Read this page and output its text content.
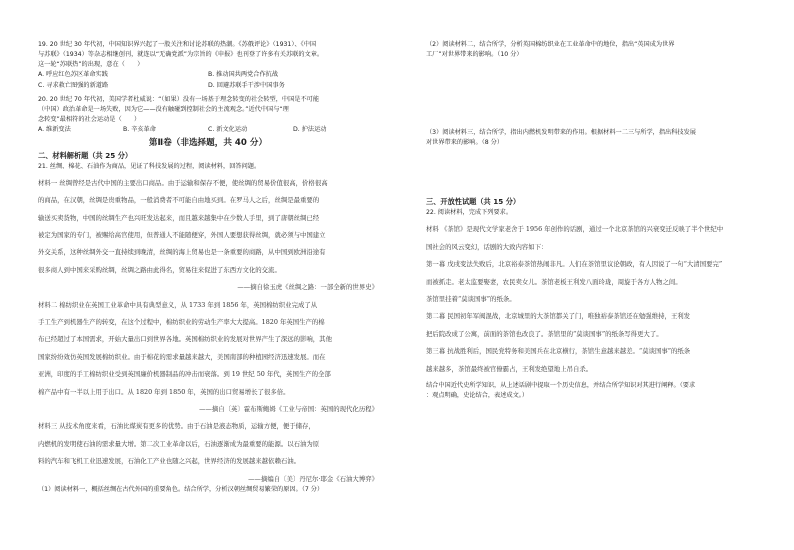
19. 20 世纪 30 年代初，中国知识界兴起了一股关注和讨论苏联的热潮。《苏俄评论》（1931）、《中国

与苏联》（1934）等杂志相继创刊，就连以“无确党派”为宗旨的《申报》也刊登了许多有关苏联的文章。

这一轮“苏联热”的出现，意在（　　）

A. 呼应红色苏区革命实践	B. 推动国共两党合作抗战
C. 寻求救亡图强的新道路	D. 回避苏联手干涉中国事务

20. 20 世纪 70 年代初，美国学者杜威说：“（如果）没有一场基于理念转变的社会转型，中国是不可能

（中国）政治革命是一场失败，因为它——没有触碰到控制社会的主流观念。”近代中国与“理

念转变”最相符的社会运动是（　　）

A. 维新变法	B. 辛亥革命	C. 新文化运动	D. 护法运动

第Ⅱ卷（非选择题，共 40 分）

二、材料解析题（共 25 分）

21. 丝绸、棉花、石油作为商品，见证了科技发展的过程，阅读材料，回答问题。

材料一 丝绸曾经是古代中国的主要出口商品。由于运输和保存不便，使丝绸的贸易价值很高，价格很高

的商品，在汉朝，丝绸是贵重物品，一般消费者不可能自由地买到。在罗马人之后，丝绸是最重要的

输送买卖货物，中国的丝绸生产也兴旺发达起来，而且越来越集中在少数人手里，到了唐朝丝绸已经

被定为国家的专门，被赐给高官使用，但普通人不能随便穿，外国人要想获得丝绸，就必须与中国建立

外交关系，这种丝绸外交一直持续到晚清，丝绸的海上贸易也是一条重要的商路，从中国到欧洲沿途有

很多商人到中国来采购丝绸，丝绸之路由此得名，贸易往来促进了东西方文化的交流。

——摘自徐玉虎《丝绸之路：一部全新的世界史》

材料二 棉纺织业在英国工业革命中具有典型意义，从 1733 年到 1856 年，英国棉纺织业完成了从

手工生产到机器生产的转变，在这个过程中，棉纺织业的劳动生产率大大提高。1820 年英国生产的棉

布已经超过了本国需求，开始大量出口到世界各地。英国棉纺织业的发展对世界产生了深远的影响，其他

国家纷纷效仿英国发展棉纺织业。由于棉花的需求量越来越大，美国南部的种植园经济迅速发展。而在

亚洲，印度的手工棉纺织业受到英国廉价机器制品的冲击而衰落。到 19 世纪 50 年代，英国生产的全部

棉产品中有一半以上用于出口。从 1820 年到 1850 年，英国的出口贸易增长了很多倍。

——摘自〔英〕霍布斯鲍姆《工业与帝国：英国的现代化历程》

材料三 从技术角度来看，石油比煤炭有更多的优势。由于石油是液态物质，运输方便，便于储存，

内燃机的发明使石油的需求量大增。第二次工业革命以后，石油逐渐成为最重要的能源。以石油为原

料的汽车和飞机工业迅速发展，石油化工产业也随之兴起，世界经济的发展越来越依赖石油。

——摘编自〔美〕丹尼尔·耶金《石油大博弈》

（1）阅读材料一，概括丝绸在古代外国的重要角色。结合所学，分析汉朝丝绸贸易繁荣的原因。（7 分）

（2）阅读材料二，结合所学，分析英国棉纺织业在工业革命中的地位，指出“英国成为世界

工厂”对世界带来的影响。（10 分）

（3）阅读材料三，结合所学，指出内燃机发明带来的作用。根据材料一二三与所学，指出科技发展

对世界带来的影响。（8 分）

三、开放性试题（共 15 分）

22. 阅读材料，完成下列要求。

材料 《茶馆》是现代文学家老舍于 1956 年创作的话剧，通过一个北京茶馆的兴衰变迁反映了半个世纪中

国社会的风云变幻，话剧的大致内容如下：

第一幕 戊戌变法失败后，北京裕泰茶馆热闹非凡。人们在茶馆里议论朝政，有人因说了一句“大清国要完”

而被抓走。老太监要娶妻，农民卖女儿。茶馆老板王利发八面玲珑，周旋于各方人物之间。

茶馆里挂着“莫谈国事”的纸条。

第二幕 民国初年军阀混战，北京城里的大茶馆都关了门，唯独裕泰茶馆还在勉强维持，王利发

把后院改成了公寓，前面的茶馆也改良了。茶馆里的“莫谈国事”的纸条写得更大了。

第三幕 抗战胜利后，国民党特务和美国兵在北京横行，茶馆生意越来越差。“莫谈国事”的纸条

越来越多，茶馆最终被官僚霸占，王利发绝望地上吊自杀。

结合中国近代史所学知识，从上述话剧中提取一个历史信息，并结合所学知识对其进行阐释。（要求

：观点明确，史论结合，表述成文。）
